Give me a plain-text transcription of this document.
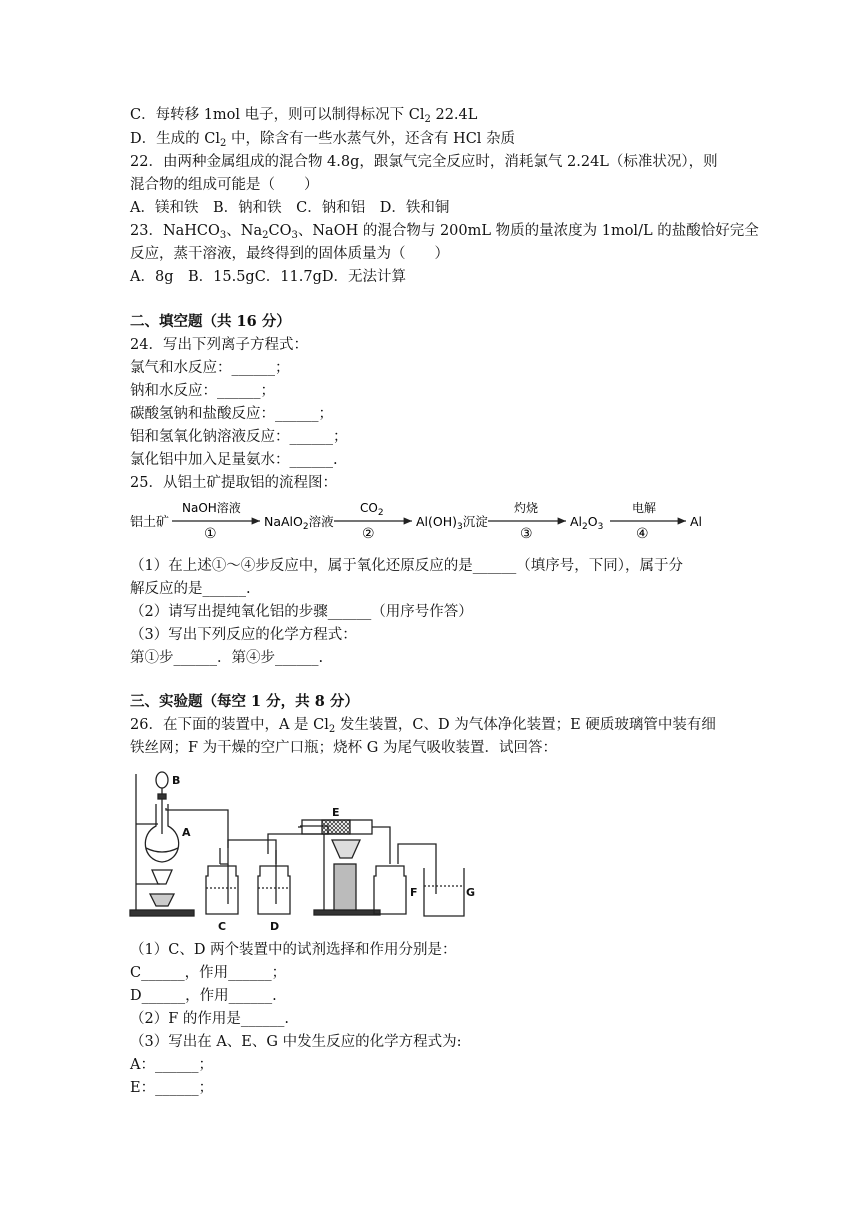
C．每转移 1mol 电子，则可以制得标况下 $Cl_2$ 22.4L
D．生成的 $Cl_2$ 中，除含有一些水蒸气外，还含有 HCl 杂质
22．由两种金属组成的混合物 4.8g，跟氯气完全反应时，消耗氯气 2.24L（标准状况），则
混合物的组成可能是（　　）
A．镁和铁　B．钠和铁　C．钠和铝　D．铁和铜
23．NaHCO$_3$、$Na_2CO_3$、NaOH 的混合物与 200mL 物质的量浓度为 1mol/L 的盐酸恰好完全
反应，蒸干溶液，最终得到的固体质量为（　　）
A．8g　B．15.5gC．11.7gD．无法计算
二、填空题（共 16 分）
24．写出下列离子方程式：
氯气和水反应：______；
钠和水反应：______；
碳酸氢钠和盐酸反应：______；
铝和氢氧化钠溶液反应：______；
氯化铝中加入足量氨水：______.
25．从铝土矿提取铝的流程图：
铝土矿
NaOH溶液
①
NaAlO$_2$溶液
$CO_2$
②
$Al(OH)_3$沉淀
灼烧
③
$Al_2O_3$
电解
④
Al
（1）在上述①～④步反应中，属于氧化还原反应的是______（填序号，下同），属于分
解反应的是______.
（2）请写出提纯氧化铝的步骤______（用序号作答）
（3）写出下列反应的化学方程式：
第①步______．第④步______.
三、实验题（每空 1 分，共 8 分）
26．在下面的装置中，A 是 $Cl_2$ 发生装置，C、D 为气体净化装置；E 硬质玻璃管中装有细
铁丝网；F 为干燥的空广口瓶；烧杯 G 为尾气吸收装置．试回答：
B
A
C	D
E
F	G
（1）C、D 两个装置中的试剂选择和作用分别是：
C______，作用______；
D______，作用______.
（2）F 的作用是______.
（3）写出在 A、E、G 中发生反应的化学方程式为:
A：______；
E：______；
